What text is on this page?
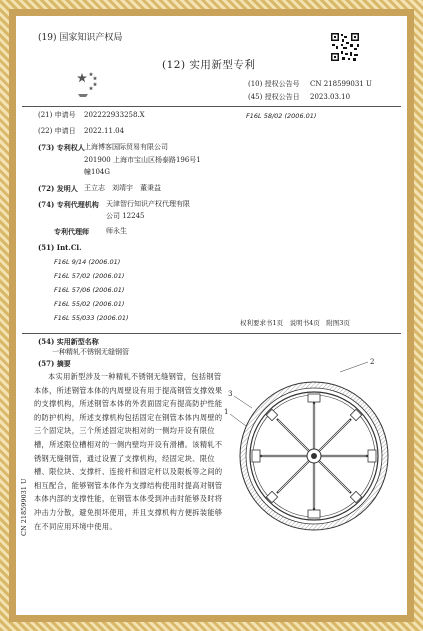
(19) 国家知识产权局
(12) 实用新型专利
(10) 授权公告号 CN 218599031 U
(45) 授权公告日 2023.03.10
(21) 申请号 202222933258.X	F16L 58/02 (2006.01)
(22) 申请日 2022.11.04
(73) 专利权人 上海博客国际贸易有限公司
201900 上海市宝山区杨泰路196号1
幢104G
(72) 发明人 王立志　刘靖宇　董秉益
(74) 专利代理机构 天津智行知识产权代理有限
公司 12245
专利代理师 师永生
(51) Int.Cl.
F16L 9/14 (2006.01)
F16L 57/02 (2006.01)
F16L 57/06 (2006.01)
F16L 55/02 (2006.01)
F16L 55/033 (2006.01)
权利要求书1页　说明书4页　附图3页
(54) 实用新型名称
一种精轧不锈钢无缝钢管
(57) 摘要

本实用新型涉及一种精轧不锈钢无缝钢管，包括钢管本体，所述钢管本体的内周壁设有用于提高钢管支撑效果的支撑机构，所述钢管本体的外表面固定有提高防护性能的防护机构，所述支撑机构包括固定在钢管本体内周壁的三个固定块，三个所述固定块相对的一侧均开设有限位槽，所述限位槽相对的一侧内壁均开设有滑槽。该精轧不锈钢无缝钢管，通过设置了支撑机构，经固定块、限位槽、限位块、支撑杆、连接杆和固定杆以及限板等之间的相互配合，能够钢管本体作为支撑结构使用时提高对钢管本体内部的支撑性能，在钢管本体受到冲击时能够及时将冲击力分散，避免损坏使用，并且支撑机构方便拆装能够在不同应用环境中使用。

CN 218599031 U
2
3
1
